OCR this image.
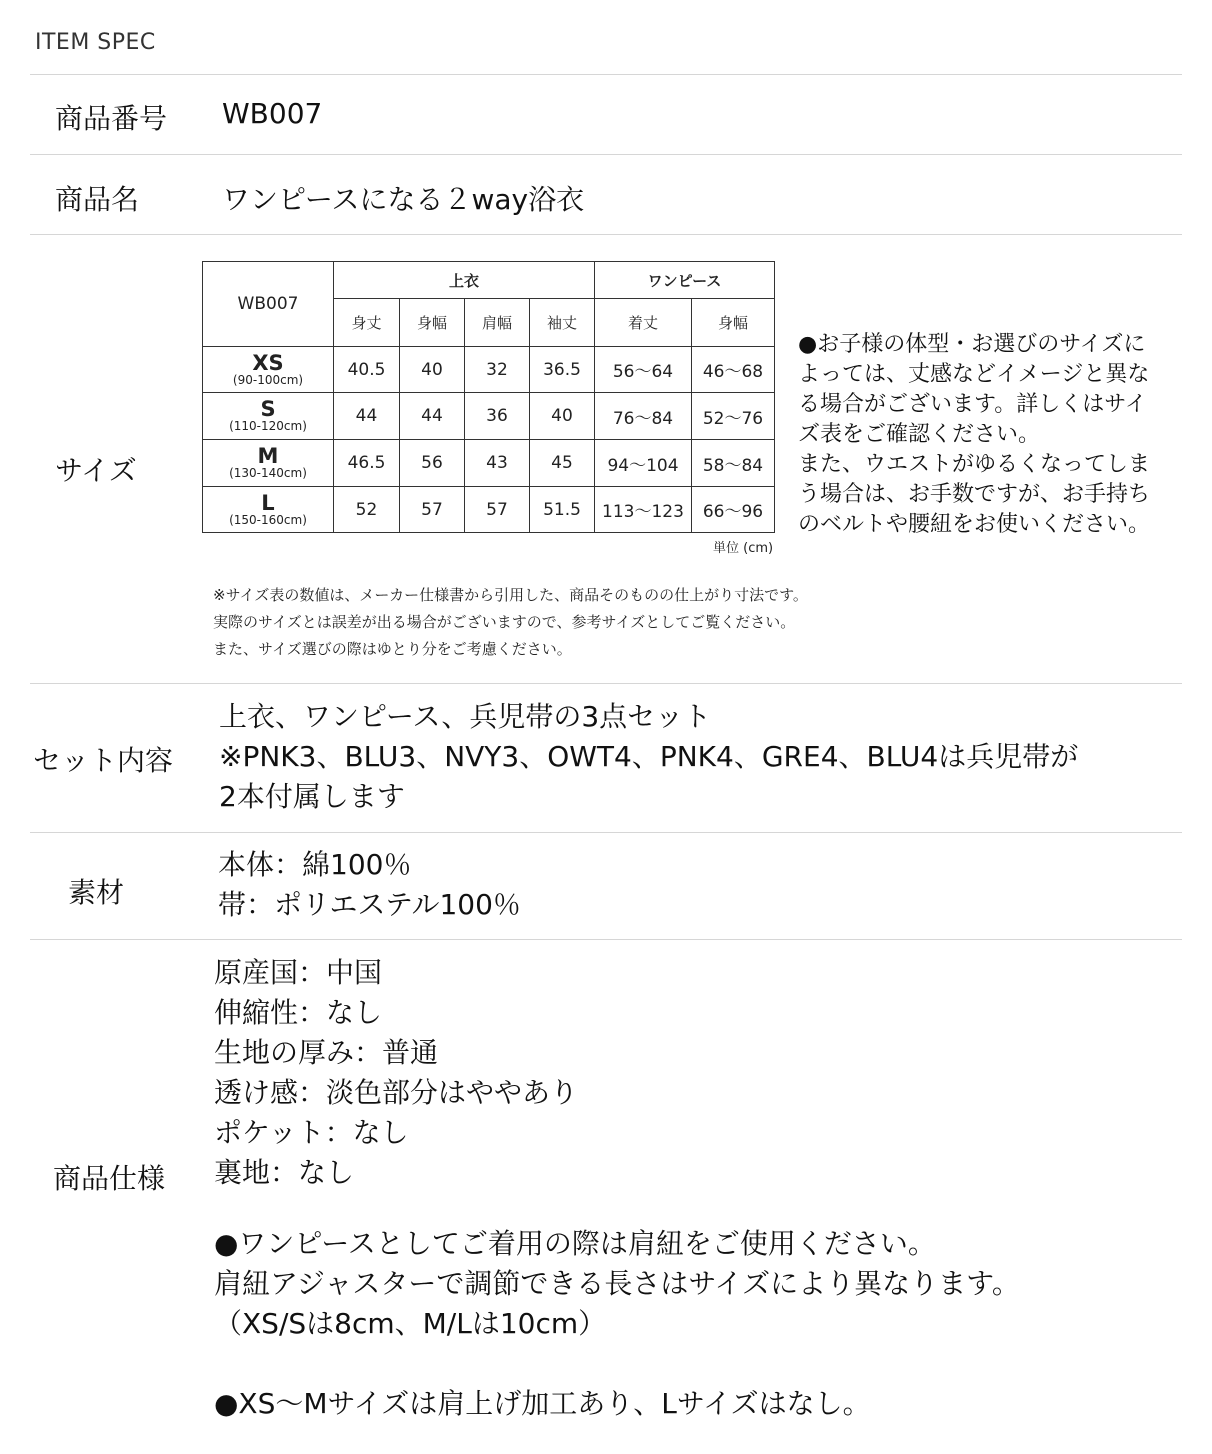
ITEM SPEC
商品番号 WB007
商品名	ワンピースになる２way浴衣
サイズ
WB007	上衣				ワンピース	
	身丈	身幅	肩幅	袖丈	着丈	身幅

XS
(90-100cm)	40.5	40	32	36.5	56～64	46～68

S
(110-120cm)	44	44	36	40	76～84	52～76

M
(130-140cm)	46.5	56	43	45	94～104	58～84

L
(150-160cm)	52	57	57	51.5	113～123	66～96
単位 (cm)
●お子様の体型・お選びのサイズに
よっては、丈感などイメージと異な
る場合がございます。詳しくはサイ
ズ表をご確認ください。
また、ウエストがゆるくなってしま
う場合は、お手数ですが、お手持ち
のベルトや腰紐をお使いください。
※サイズ表の数値は、メーカー仕様書から引用した、商品そのものの仕上がり寸法です。
実際のサイズとは誤差が出る場合がございますので、参考サイズとしてご覧ください。
また、サイズ選びの際はゆとり分をご考慮ください。
セット内容
上衣、ワンピース、兵児帯の3点セット
※PNK3、BLU3、NVY3、OWT4、PNK4、GRE4、BLU4は兵児帯が
2本付属します
素材
本体：綿100％
帯：ポリエステル100％
商品仕様
原産国：中国
伸縮性：なし
生地の厚み：普通
透け感：淡色部分はややあり
ポケット：なし
裏地：なし
●ワンピースとしてご着用の際は肩紐をご使用ください。
肩紐アジャスターで調節できる長さはサイズにより異なります。
（XS/Sは8cm、M/Lは10cm）
●XS～Mサイズは肩上げ加工あり、Lサイズはなし。
